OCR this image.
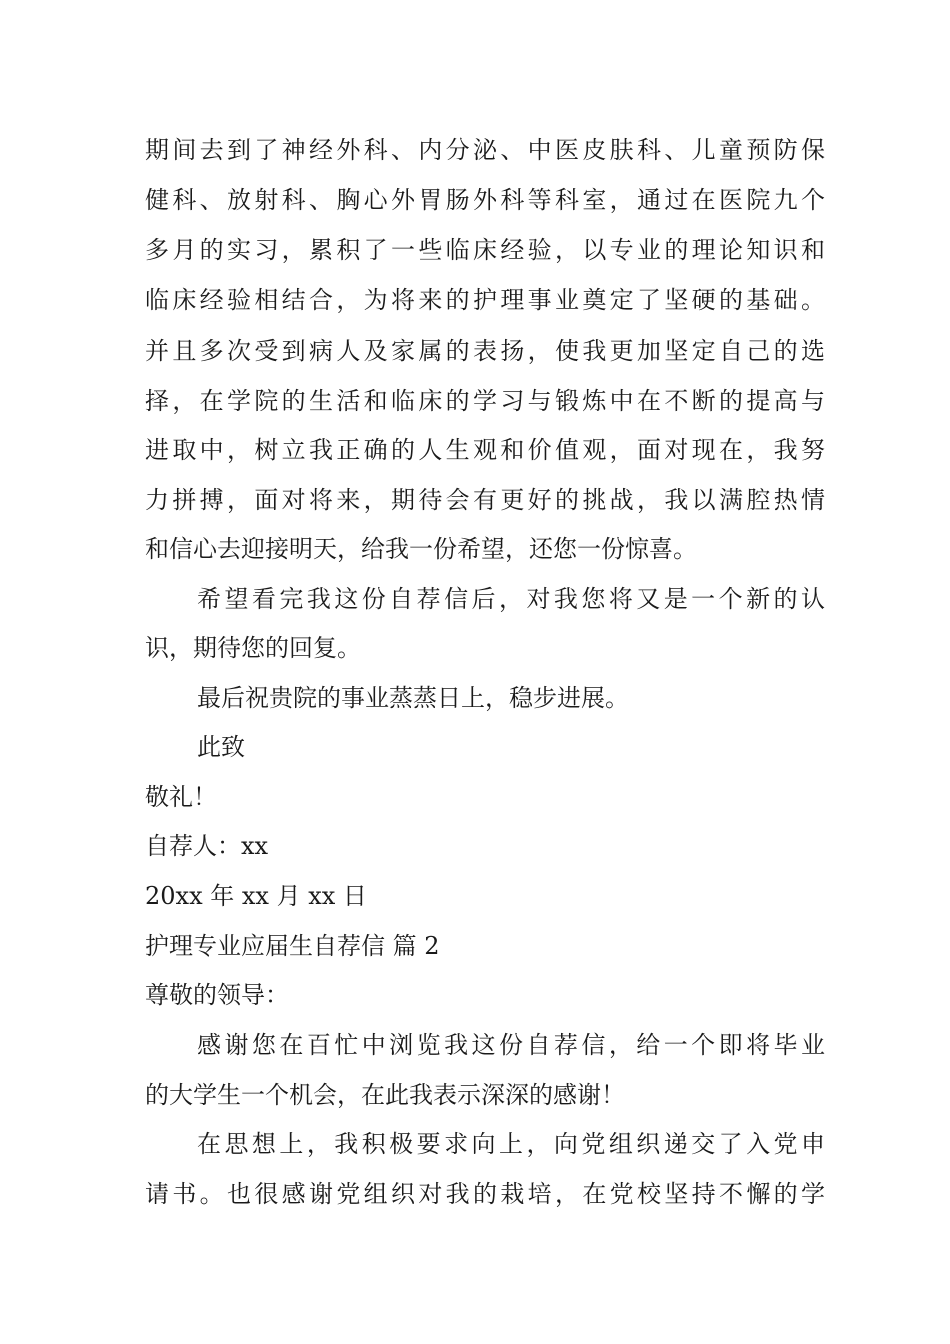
期间去到了神经外科、内分泌、中医皮肤科、儿童预防保
健科、放射科、胸心外胃肠外科等科室，通过在医院九个
多月的实习，累积了一些临床经验，以专业的理论知识和
临床经验相结合，为将来的护理事业奠定了坚硬的基础。
并且多次受到病人及家属的表扬，使我更加坚定自己的选
择，在学院的生活和临床的学习与锻炼中在不断的提高与
进取中，树立我正确的人生观和价值观，面对现在，我努
力拼搏，面对将来，期待会有更好的挑战，我以满腔热情
和信心去迎接明天，给我一份希望，还您一份惊喜。
希望看完我这份自荐信后，对我您将又是一个新的认
识，期待您的回复。
最后祝贵院的事业蒸蒸日上，稳步进展。
此致
敬礼！
自荐人：xx
20xx 年 xx 月 xx 日
护理专业应届生自荐信 篇 2
尊敬的领导：
感谢您在百忙中浏览我这份自荐信，给一个即将毕业
的大学生一个机会，在此我表示深深的感谢！
在思想上，我积极要求向上，向党组织递交了入党申
请书。也很感谢党组织对我的栽培，在党校坚持不懈的学
